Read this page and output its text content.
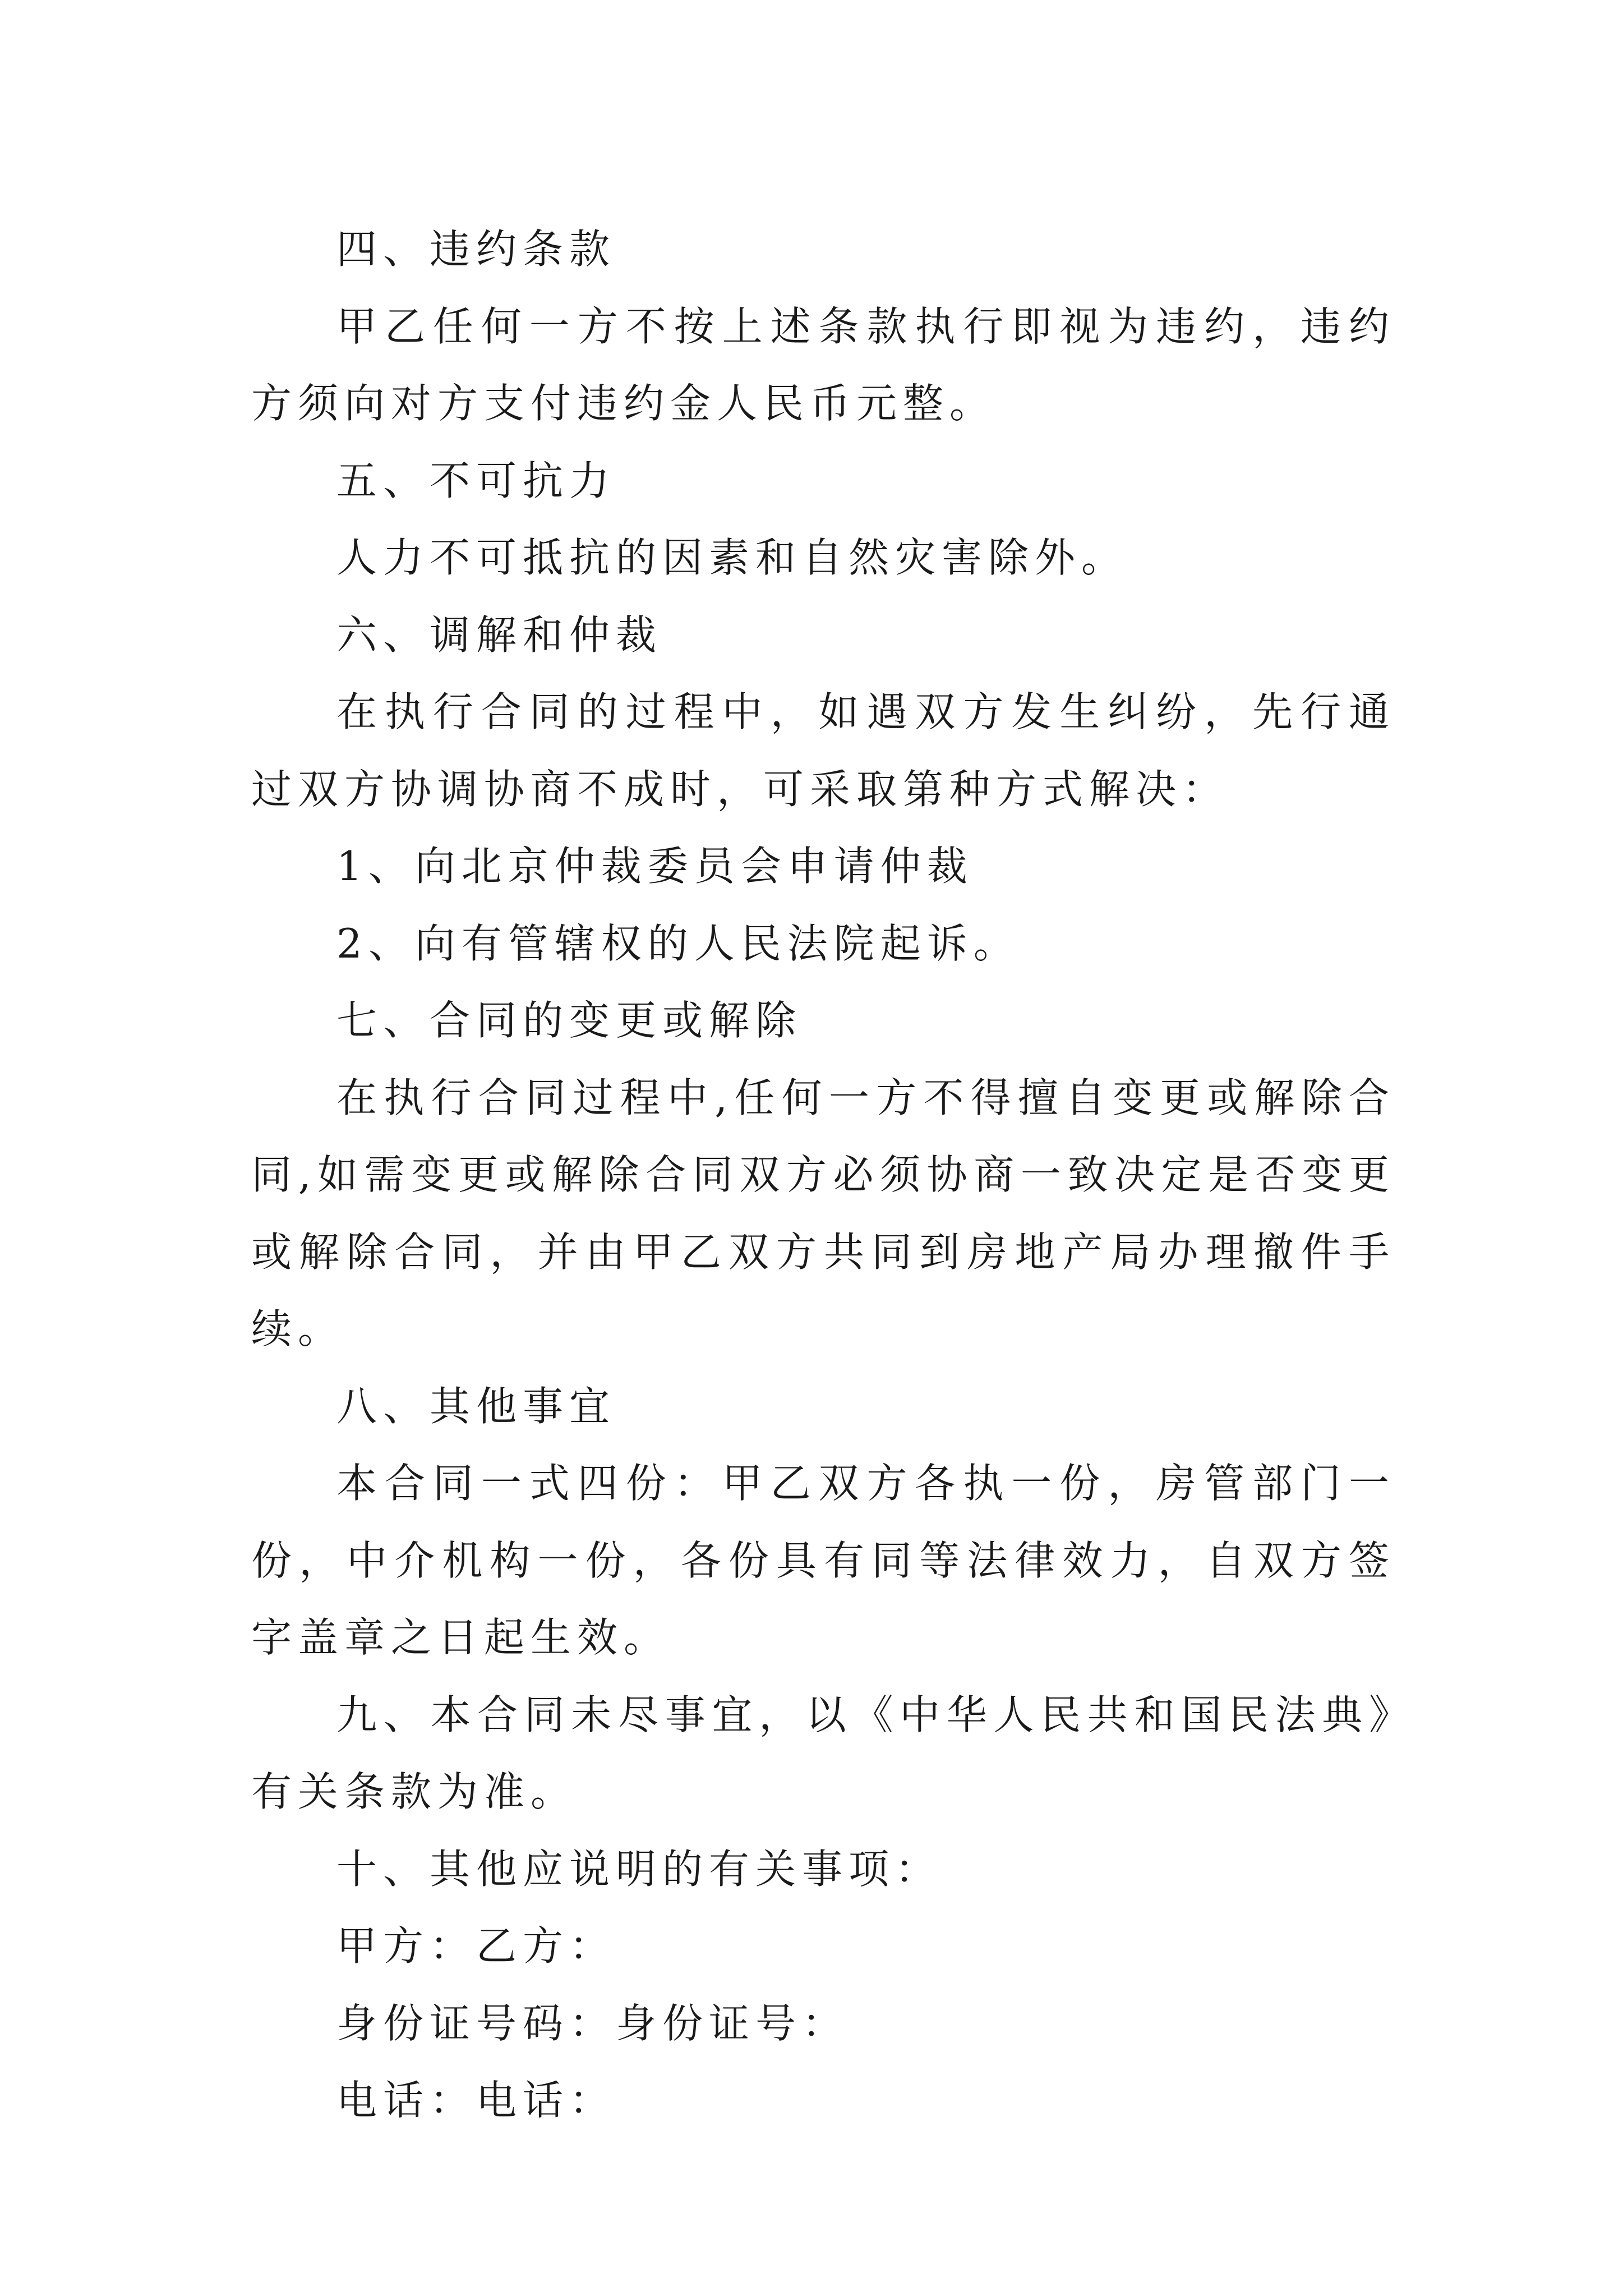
四、违约条款

甲乙任何一方不按上述条款执行即视为违约，违约方须向对方支付违约金人民币元整。

五、不可抗力

人力不可抵抗的因素和自然灾害除外。

六、调解和仲裁

在执行合同的过程中，如遇双方发生纠纷，先行通过双方协调协商不成时，可采取第种方式解决：

1、向北京仲裁委员会申请仲裁

2、向有管辖权的人民法院起诉。

七、合同的变更或解除

在执行合同过程中,任何一方不得擅自变更或解除合同,如需变更或解除合同双方必须协商一致决定是否变更或解除合同，并由甲乙双方共同到房地产局办理撤件手续。

八、其他事宜

本合同一式四份：甲乙双方各执一份，房管部门一份，中介机构一份，各份具有同等法律效力，自双方签字盖章之日起生效。

九、本合同未尽事宜，以《中华人民共和国民法典》有关条款为准。

十、其他应说明的有关事项：

甲方：乙方：

身份证号码：身份证号：

电话：电话：
